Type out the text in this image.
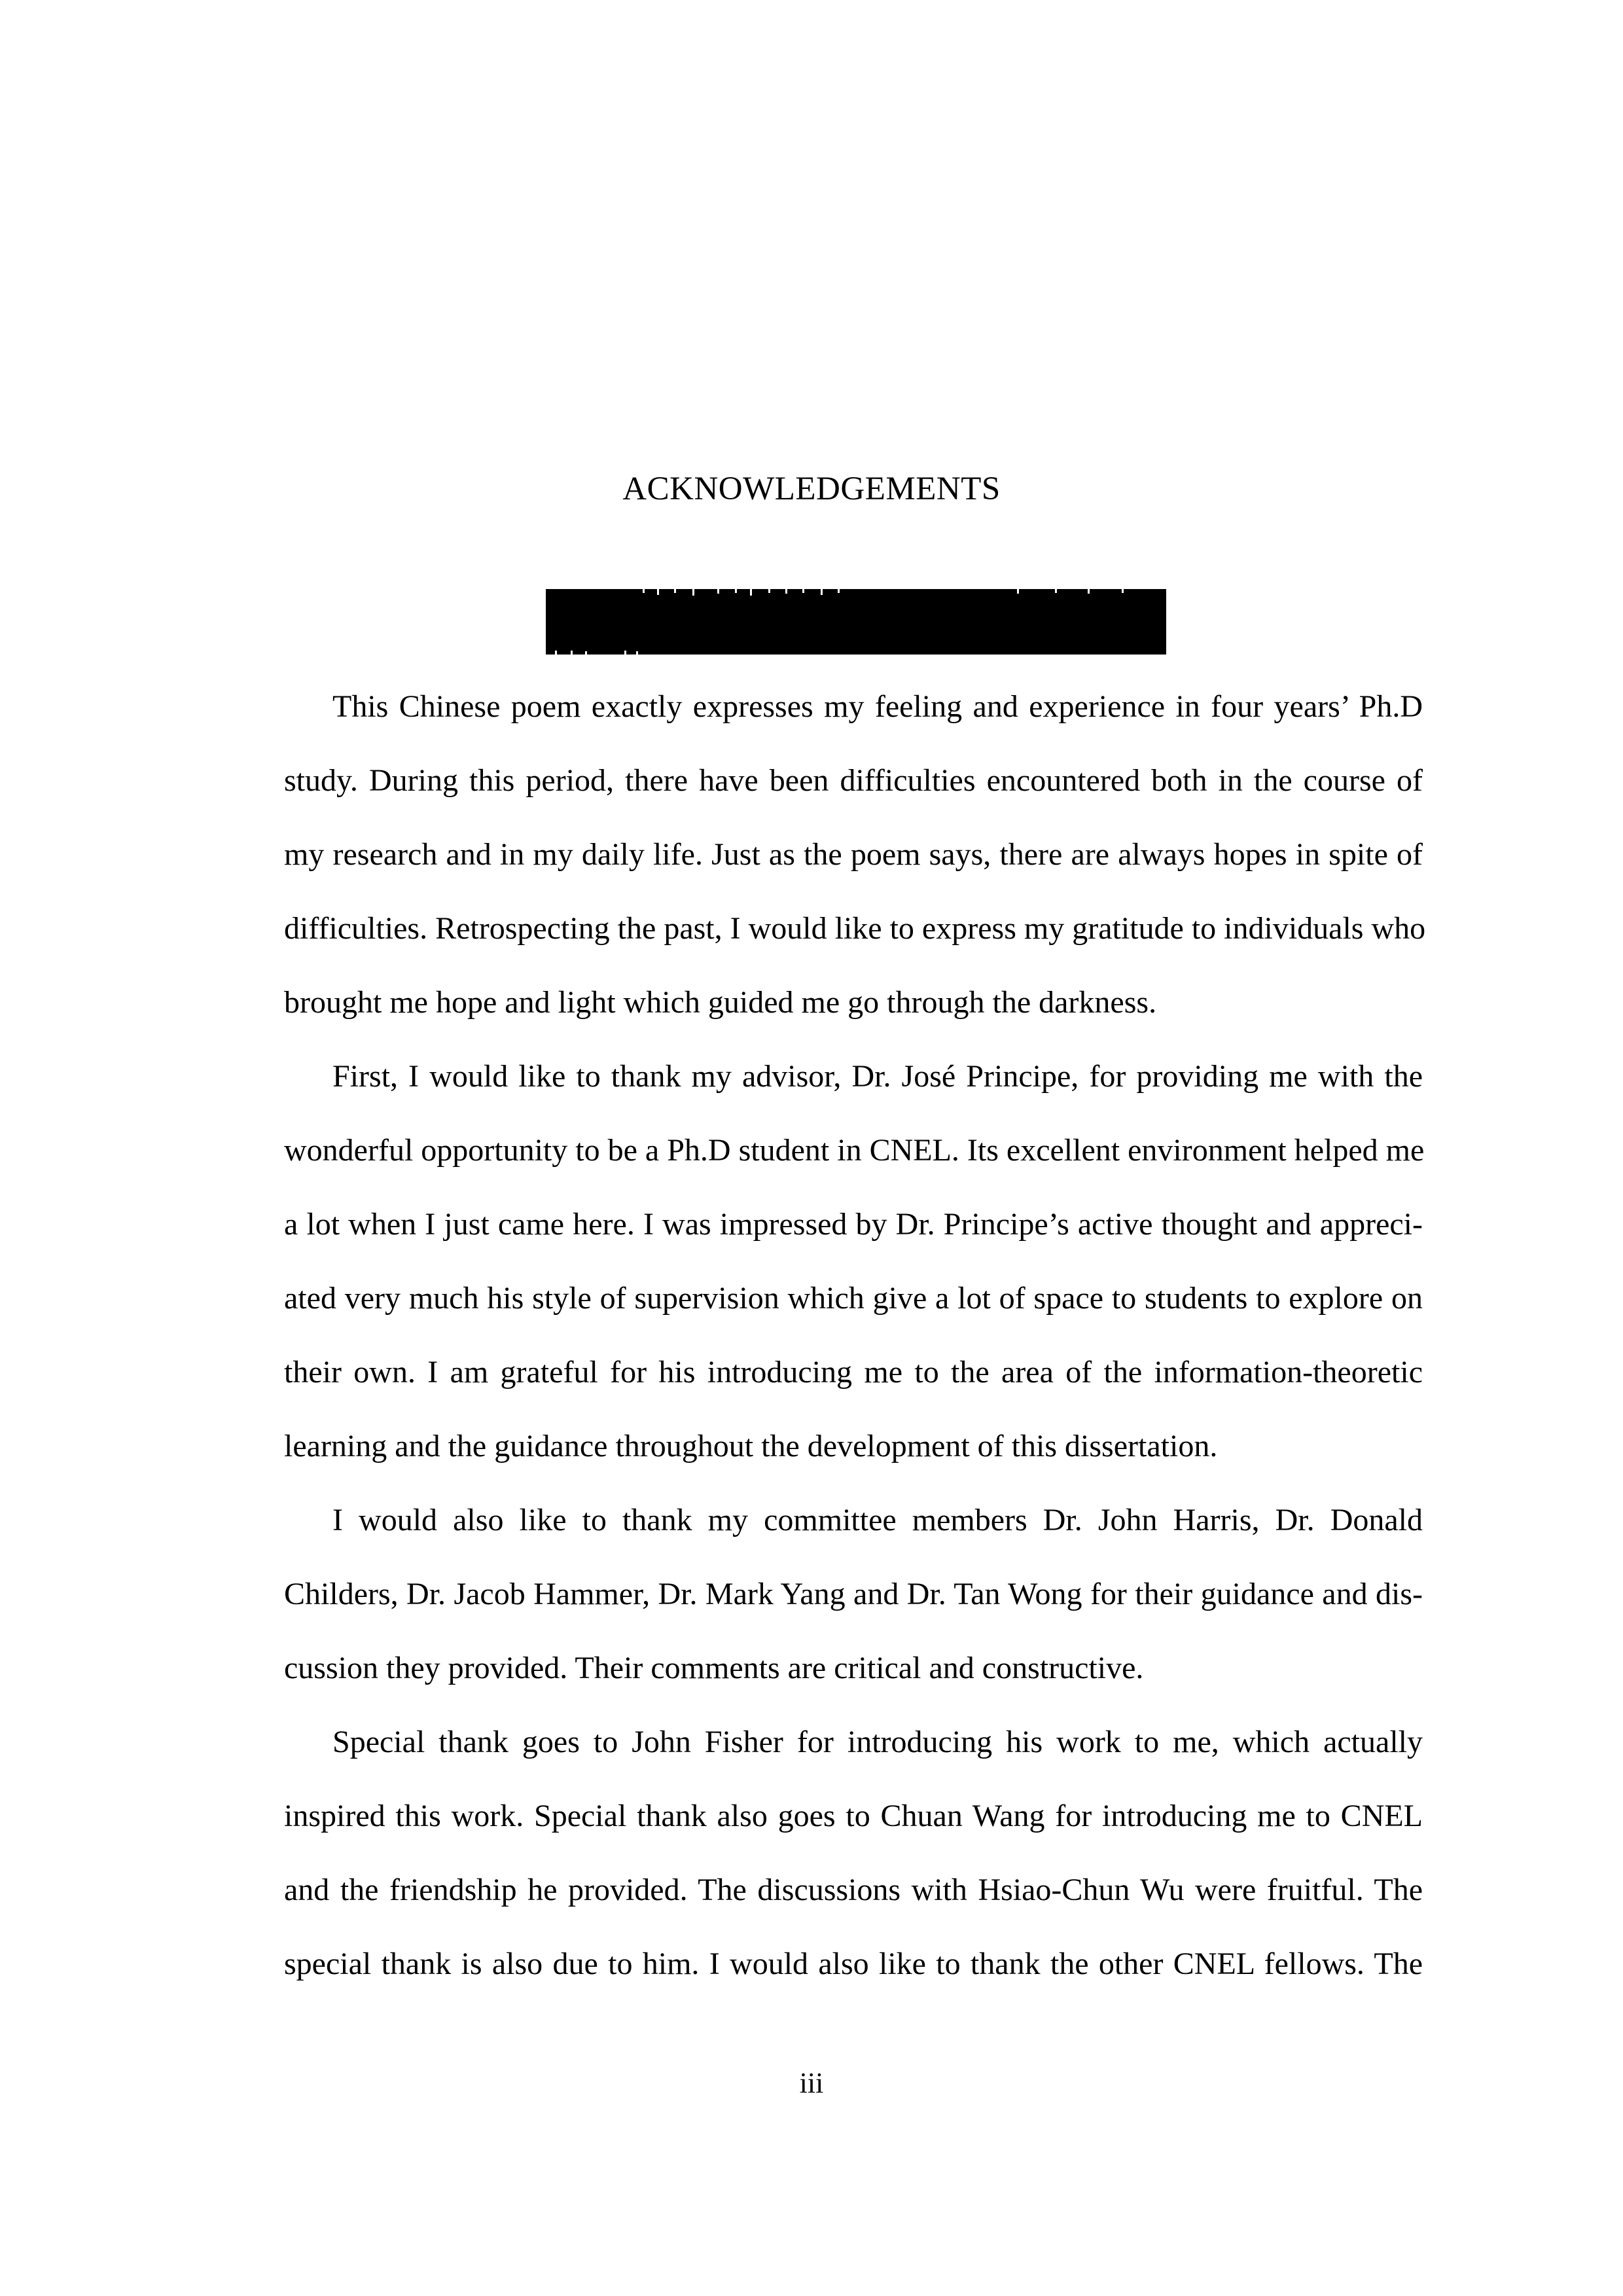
ACKNOWLEDGEMENTS
This Chinese poem exactly expresses my feeling and experience in four years’ Ph.D
study. During this period, there have been difficulties encountered both in the course of
my research and in my daily life. Just as the poem says, there are always hopes in spite of
difficulties. Retrospecting the past, I would like to express my gratitude to individuals who
brought me hope and light which guided me go through the darkness.
First, I would like to thank my advisor, Dr. José Principe, for providing me with the
wonderful opportunity to be a Ph.D student in CNEL. Its excellent environment helped me
a lot when I just came here. I was impressed by Dr. Principe’s active thought and appreci-
ated very much his style of supervision which give a lot of space to students to explore on
their own. I am grateful for his introducing me to the area of the information-theoretic
learning and the guidance throughout the development of this dissertation.
I would also like to thank my committee members Dr. John Harris, Dr. Donald
Childers, Dr. Jacob Hammer, Dr. Mark Yang and Dr. Tan Wong for their guidance and dis-
cussion they provided. Their comments are critical and constructive.
Special thank goes to John Fisher for introducing his work to me, which actually
inspired this work. Special thank also goes to Chuan Wang for introducing me to CNEL
and the friendship he provided. The discussions with Hsiao-Chun Wu were fruitful. The
special thank is also due to him. I would also like to thank the other CNEL fellows. The
iii
